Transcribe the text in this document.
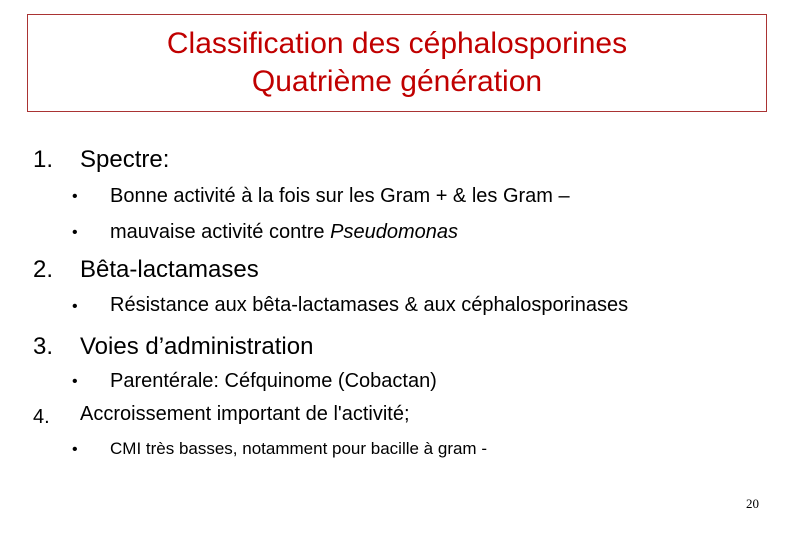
Classification des céphalosporines
Quatrième génération
1. Spectre:
• Bonne activité à la fois sur les Gram + & les Gram –
• mauvaise activité contre Pseudomonas
2. Bêta-lactamases
• Résistance aux bêta-lactamases & aux céphalosporinases
3. Voies d’administration
• Parentérale: Céfquinome (Cobactan)
4. Accroissement important de l'activité;
• CMI très basses, notamment pour bacille à gram -
20
